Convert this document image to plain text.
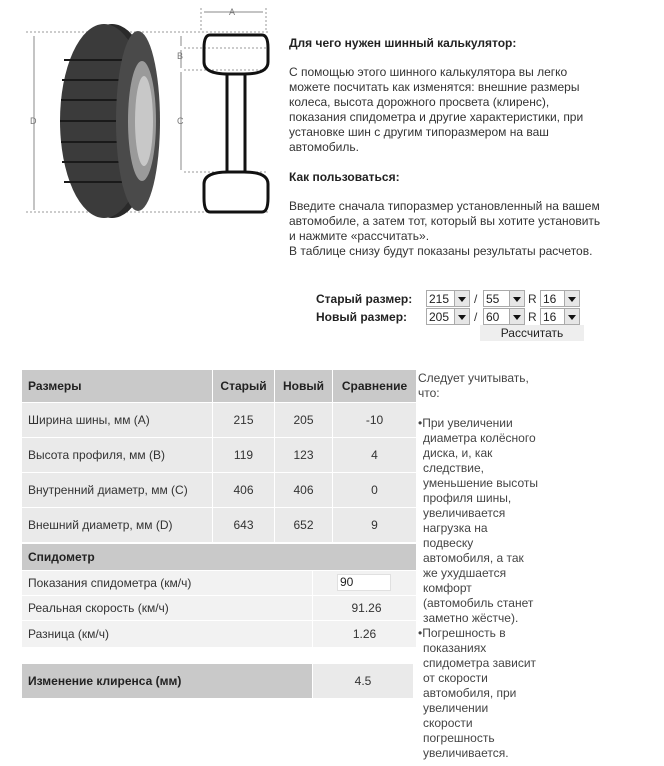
D
B
C
A

Для чего нужен шинный калькулятор:

С помощью этого шинного калькулятора вы легко
можете посчитать как изменятся: внешние размеры
колеса, высота дорожного просвета (клиренс),
показания спидометра и другие характеристики, при
установке шин с другим типоразмером на ваш
автомобиль.

Как пользоваться:

Введите сначала типоразмер установленный на вашем
автомобиле, а затем тот, который вы хотите установить
и нажмите «рассчитать».
В таблице снизу будут показаны результаты расчетов.

Старый размер: 215 / 55 R 16
Новый размер: 205 / 60 R 16
Рассчитать
Размеры	Старый	Новый	Сравнение
Ширина шины, мм (A)	215	205	-10
Высота профиля, мм (B)	119	123	4
Внутренний диаметр, мм (C)	406	406	0
Внешний диаметр, мм (D)	643	652	9
Спидометр
Показания спидометра (км/ч)	90
Реальная скорость (км/ч)	91.26
Разница (км/ч)	1.26
Изменение клиренса (мм)	4.5

Следует учитывать,
что:

•При увеличении
диаметра колёсного
диска, и, как
следствие,
уменьшение высоты
профиля шины,
увеличивается
нагрузка на
подвеску
автомобиля, а так
же ухудшается
комфорт
(автомобиль станет
заметно жёстче).

•Погрешность в
показаниях
спидометра зависит
от скорости
автомобиля, при
увеличении
скорости
погрешность
увеличивается.
